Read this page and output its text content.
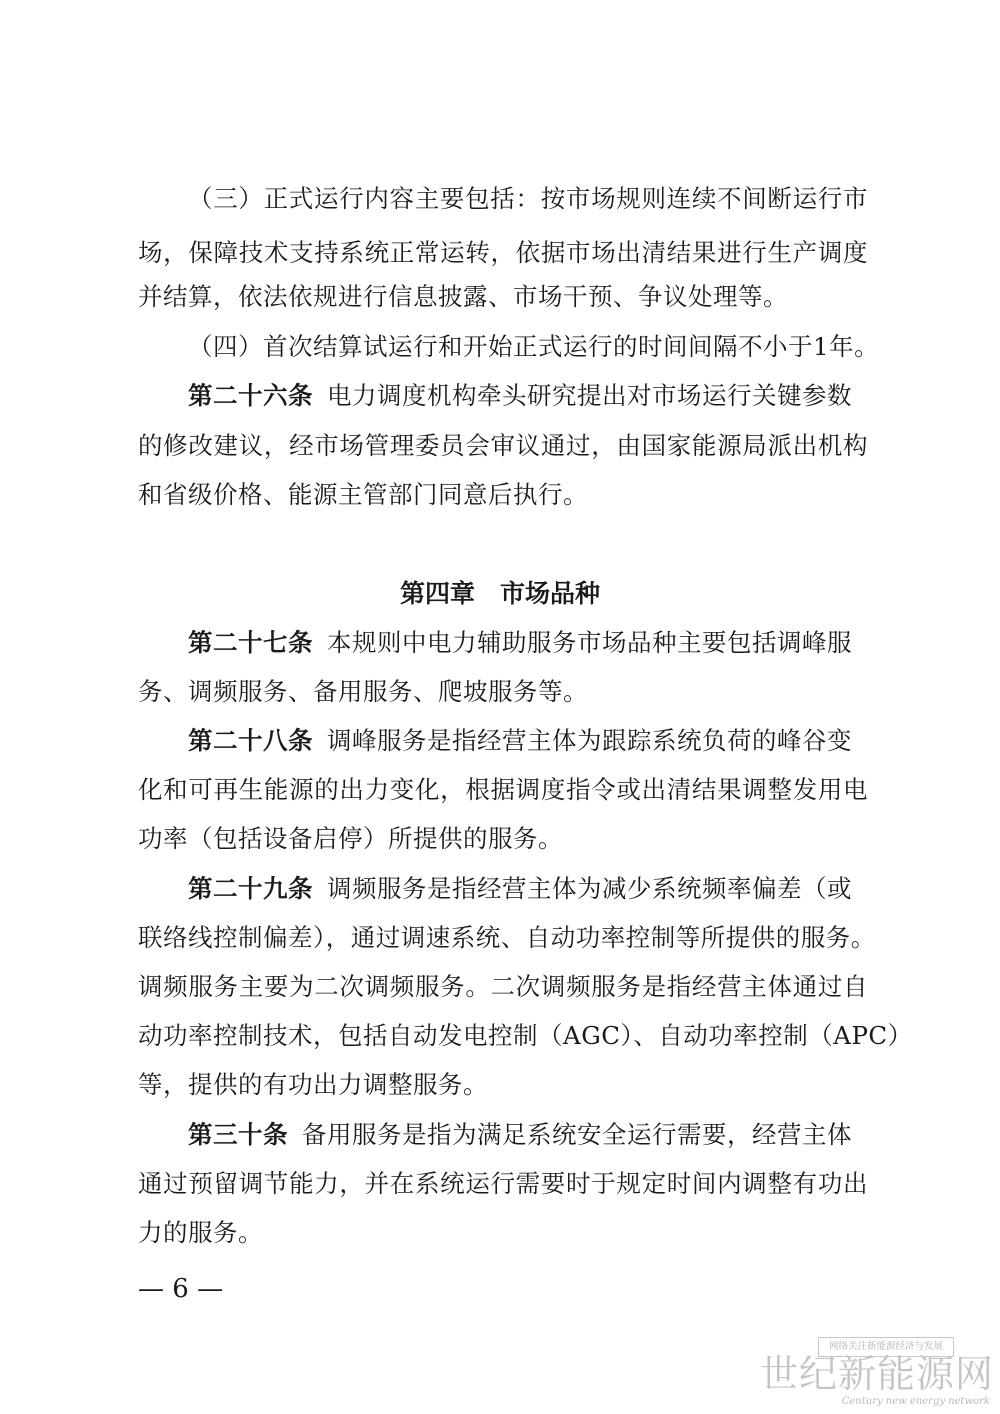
（三）正式运行内容主要包括：按市场规则连续不间断运行市
场，保障技术支持系统正常运转，依据市场出清结果进行生产调度
并结算，依法依规进行信息披露、市场干预、争议处理等。
（四）首次结算试运行和开始正式运行的时间间隔不小于1年。
第二十六条 电力调度机构牵头研究提出对市场运行关键参数
的修改建议，经市场管理委员会审议通过，由国家能源局派出机构
和省级价格、能源主管部门同意后执行。
第四章　市场品种
第二十七条 本规则中电力辅助服务市场品种主要包括调峰服
务、调频服务、备用服务、爬坡服务等。
第二十八条 调峰服务是指经营主体为跟踪系统负荷的峰谷变
化和可再生能源的出力变化，根据调度指令或出清结果调整发用电
功率（包括设备启停）所提供的服务。
第二十九条 调频服务是指经营主体为减少系统频率偏差（或
联络线控制偏差），通过调速系统、自动功率控制等所提供的服务。
调频服务主要为二次调频服务。二次调频服务是指经营主体通过自
动功率控制技术，包括自动发电控制（AGC）、自动功率控制（APC）
等，提供的有功出力调整服务。
第三十条 备用服务是指为满足系统安全运行需要，经营主体
通过预留调节能力，并在系统运行需要时于规定时间内调整有功出
力的服务。
— 6 —
网络关注新能源经济与发展
世纪新能源网
Century new energy network
